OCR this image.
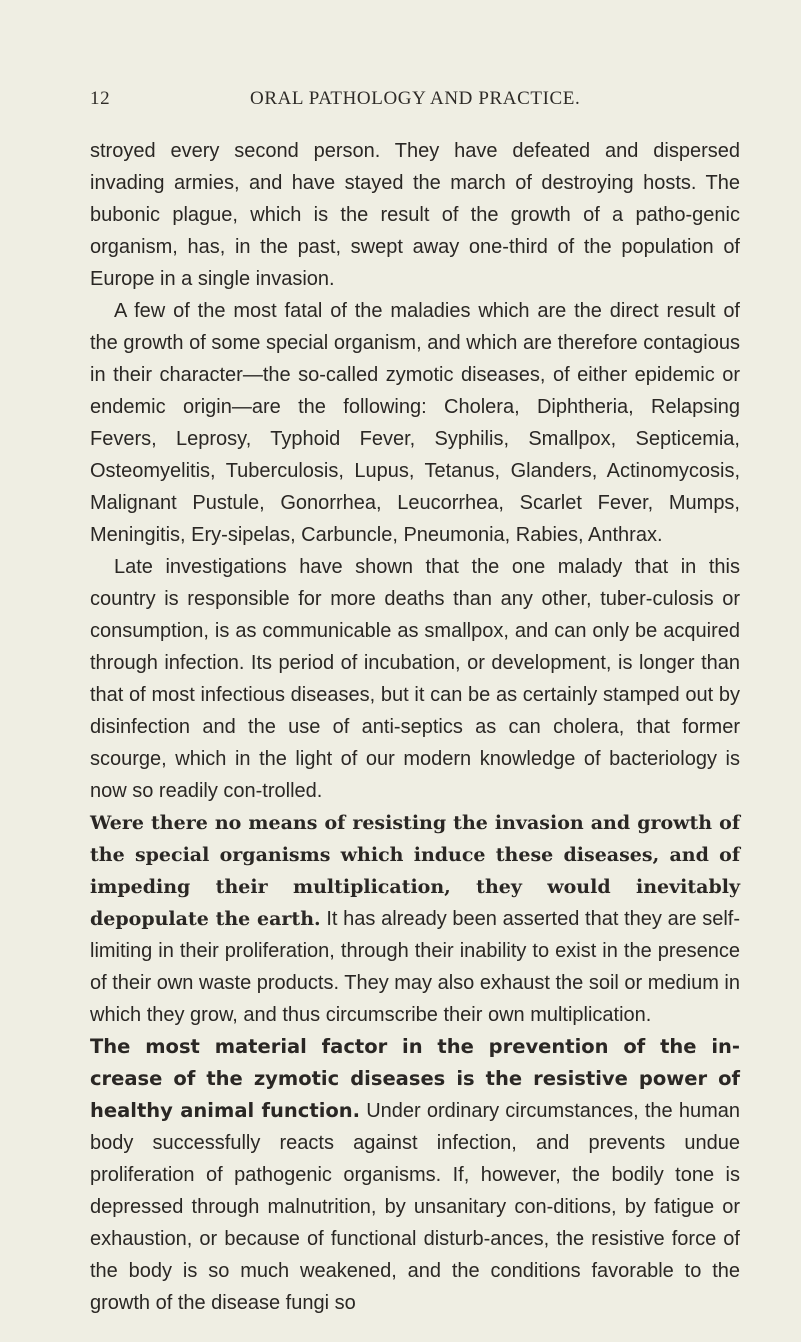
12	ORAL PATHOLOGY AND PRACTICE.

stroyed every second person. They have defeated and dispersed invading armies, and have stayed the march of destroying hosts. The bubonic plague, which is the result of the growth of a patho-genic organism, has, in the past, swept away one-third of the population of Europe in a single invasion.

A few of the most fatal of the maladies which are the direct result of the growth of some special organism, and which are therefore contagious in their character—the so-called zymotic diseases, of either epidemic or endemic origin—are the following: Cholera, Diphtheria, Relapsing Fevers, Leprosy, Typhoid Fever, Syphilis, Smallpox, Septicemia, Osteomyelitis, Tuberculosis, Lupus, Tetanus, Glanders, Actinomycosis, Malignant Pustule, Gonorrhea, Leucorrhea, Scarlet Fever, Mumps, Meningitis, Ery-sipelas, Carbuncle, Pneumonia, Rabies, Anthrax.

Late investigations have shown that the one malady that in this country is responsible for more deaths than any other, tuber-culosis or consumption, is as communicable as smallpox, and can only be acquired through infection. Its period of incubation, or development, is longer than that of most infectious diseases, but it can be as certainly stamped out by disinfection and the use of anti-septics as can cholera, that former scourge, which in the light of our modern knowledge of bacteriology is now so readily con-trolled.

Were there no means of resisting the invasion and growth of the special organisms which induce these diseases, and of impeding their multiplication, they would inevitably depopulate the earth. It has already been asserted that they are self-limiting in their proliferation, through their inability to exist in the presence of their own waste products. They may also exhaust the soil or medium in which they grow, and thus circumscribe their own multiplication.

The most material factor in the prevention of the in-crease of the zymotic diseases is the resistive power of healthy animal function. Under ordinary circumstances, the human body successfully reacts against infection, and prevents undue proliferation of pathogenic organisms. If, however, the bodily tone is depressed through malnutrition, by unsanitary con-ditions, by fatigue or exhaustion, or because of functional disturb-ances, the resistive force of the body is so much weakened, and the conditions favorable to the growth of the disease fungi so
